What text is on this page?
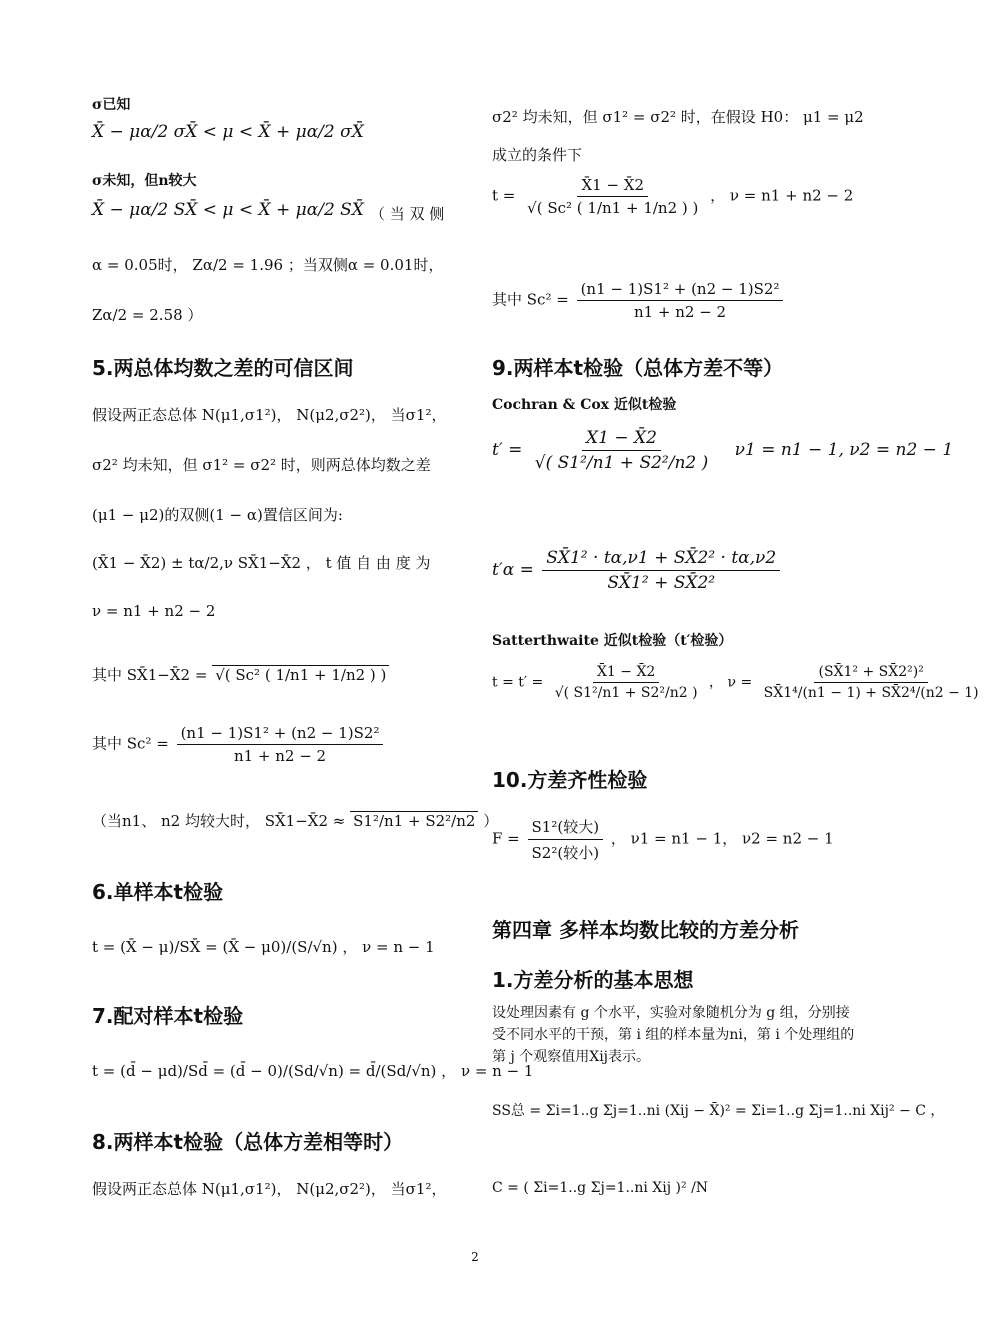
σ已知
X̄ − μα/2 σX̄ < μ < X̄ + μα/2 σX̄
σ未知，但n较大
X̄ − μα/2 SX̄ < μ < X̄ + μα/2 SX̄ （ 当 双 侧
α = 0.05时， Zα/2 = 1.96 ；当双侧α = 0.01时，
Zα/2 = 2.58 ）
5.两总体均数之差的可信区间
假设两正态总体 N(μ1,σ1²)， N(μ2,σ2²)， 当σ1²，
σ2² 均未知，但 σ1² = σ2² 时，则两总体均数之差
(μ1 − μ2)的双侧(1 − α)置信区间为:
(X̄1 − X̄2) ± tα/2,ν SX̄1−X̄2 ， t 值 自 由 度 为
ν = n1 + n2 − 2
其中 SX̄1−X̄2 = √( Sc² ( 1/n1 + 1/n2 ) )
其中 $Sc^2 = \frac{\text{(n1 − 1)S1² + (n2 − 1)S2²}}{n1 + n2 - 2}$
（当n1、 n2 均较大时， SX̄1−X̄2 ≈ S1²/n1 + S2²/n2 ）
6.单样本t检验
t = (X̄ − μ)/SX̄ = (X̄ − μ0)/(S/√n) ， ν = n − 1
7.配对样本t检验
t = (d̄ − μd)/Sd̄ = (d̄ − 0)/(Sd/√n) = d̄/(Sd/√n) ， ν = n − 1
8.两样本t检验（总体方差相等时）
假设两正态总体 N(μ1,σ1²)， N(μ2,σ2²)， 当σ1²，
σ2² 均未知，但 σ1² = σ2² 时，在假设 H0： μ1 = μ2
成立的条件下
$t = \frac{X̄1 - X̄2}{\text{√( Sc² ( 1/n1 + 1/n2 ) )}}$ ， ν = n1 + n2 − 2
其中 $Sc^2 = \frac{\text{(n1 − 1)S1² + (n2 − 1)S2²}}{n1 + n2 - 2}$
9.两样本t检验（总体方差不等）
Cochran & Cox 近似t检验
$t' = \frac{X1 - X̄2}{\text{√( S1²/n1 + S2²/n2 )}} \nu 1 = n1 - 1$, ν2 = n2 − 1
$t'\alpha = \frac{\text{SX̄1² · tα,ν1 + SX̄2² · tα,ν2}}{\text{SX̄1² + SX̄2²}}$
Satterthwaite 近似t检验（t′检验）
$t = t' = \frac{X̄1 - X̄2}{\text{√( S1²/n1 + S2²/n2 )}}$ ， $\nu = \frac{\text{(SX̄1² + SX̄2²)²}}{\text{SX̄1⁴/(n1 − 1) + SX̄2⁴/(n2 − 1)}}$
10.方差齐性检验
$F = \frac{\text{S1²(较大)}}{\text{S2²(较小)}}$ ， ν1 = n1 − 1， ν2 = n2 − 1
第四章 多样本均数比较的方差分析
1.方差分析的基本思想
设处理因素有 g 个水平，实验对象随机分为 g 组，分别接受不同水平的干预，第 i 组的样本量为ni，第 i 个处理组的第 j 个观察值用Xij表示。
SS总 = Σi=1..g Σj=1..ni (Xij − X̄)² = Σi=1..g Σj=1..ni Xij² − C ，
C = ( Σi=1..g Σj=1..ni Xij )² /N
2
